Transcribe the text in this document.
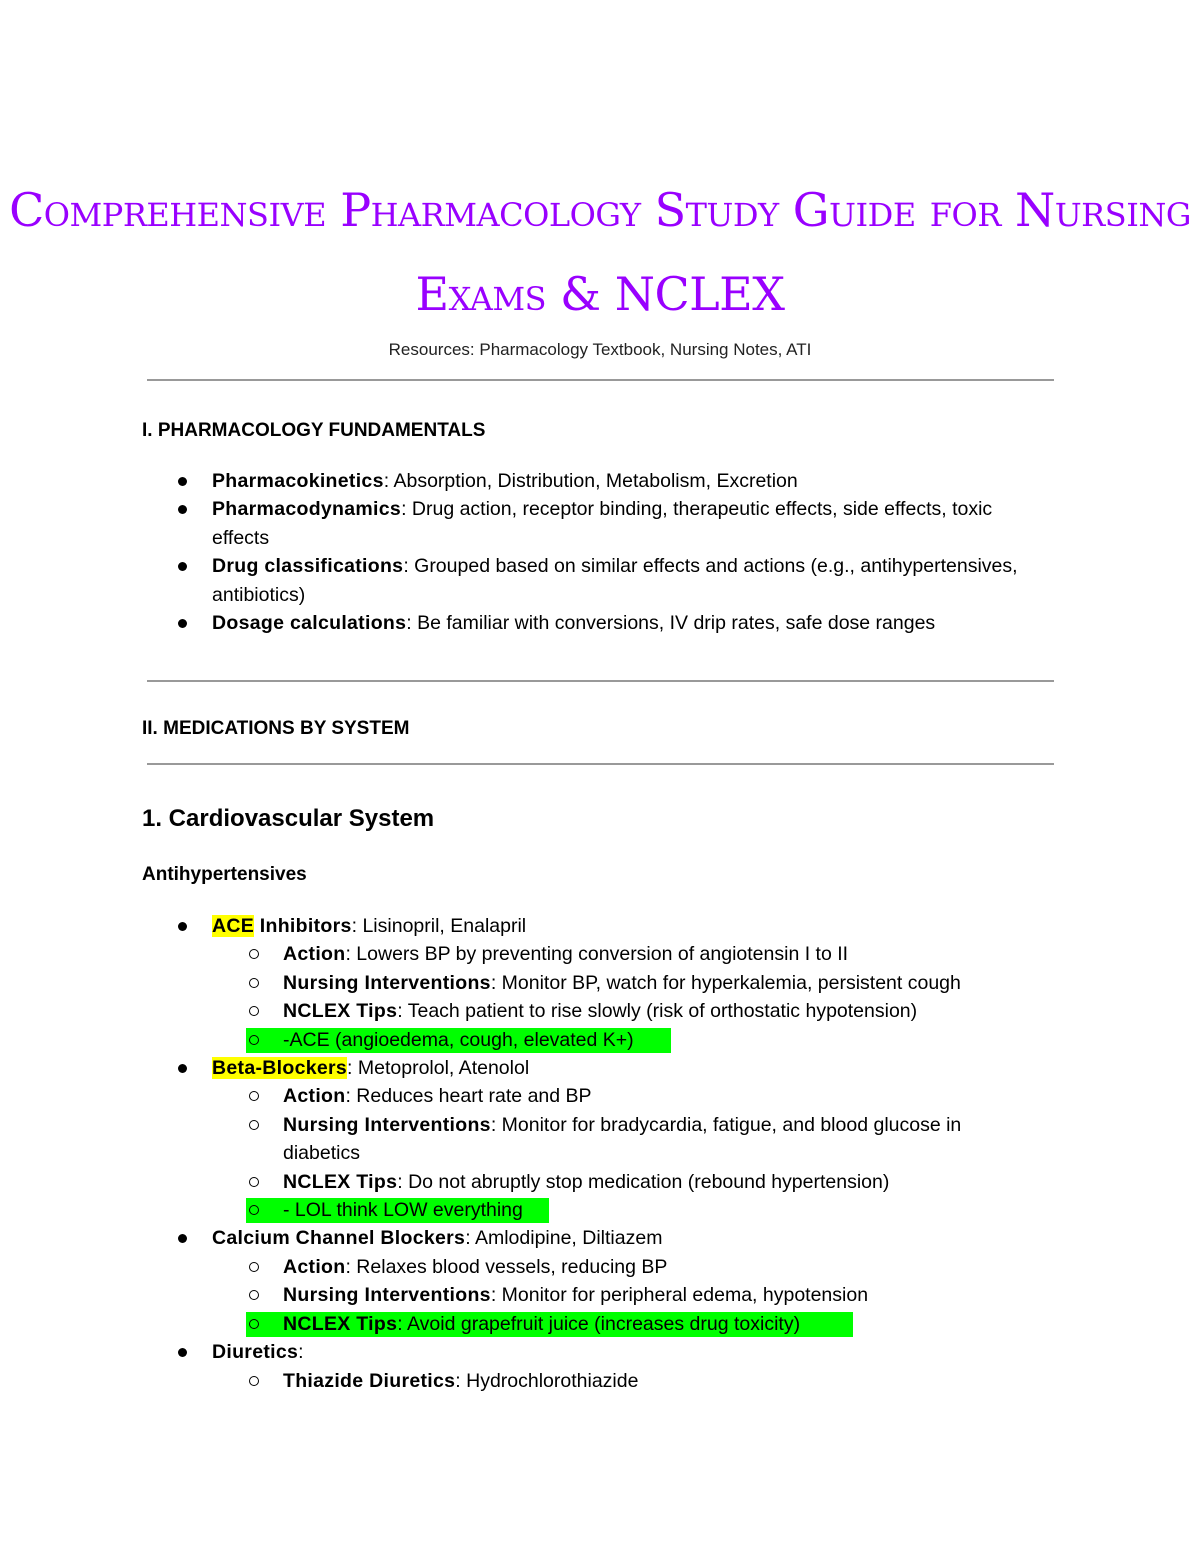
Comprehensive Pharmacology Study Guide for Nursing
Exams & NCLEX
Resources: Pharmacology Textbook, Nursing Notes, ATI
I. PHARMACOLOGY FUNDAMENTALS
Pharmacokinetics: Absorption, Distribution, Metabolism, Excretion
Pharmacodynamics: Drug action, receptor binding, therapeutic effects, side effects, toxic effects
Drug classifications: Grouped based on similar effects and actions (e.g., antihypertensives, antibiotics)
Dosage calculations: Be familiar with conversions, IV drip rates, safe dose ranges
II. MEDICATIONS BY SYSTEM
1. Cardiovascular System
Antihypertensives
ACE Inhibitors: Lisinopril, Enalapril
Action: Lowers BP by preventing conversion of angiotensin I to II
Nursing Interventions: Monitor BP, watch for hyperkalemia, persistent cough
NCLEX Tips: Teach patient to rise slowly (risk of orthostatic hypotension)
-ACE (angioedema, cough, elevated K+)
Beta-Blockers: Metoprolol, Atenolol
Action: Reduces heart rate and BP
Nursing Interventions: Monitor for bradycardia, fatigue, and blood glucose in diabetics
NCLEX Tips: Do not abruptly stop medication (rebound hypertension)
- LOL think LOW everything
Calcium Channel Blockers: Amlodipine, Diltiazem
Action: Relaxes blood vessels, reducing BP
Nursing Interventions: Monitor for peripheral edema, hypotension
NCLEX Tips: Avoid grapefruit juice (increases drug toxicity)
Diuretics:
Thiazide Diuretics: Hydrochlorothiazide
